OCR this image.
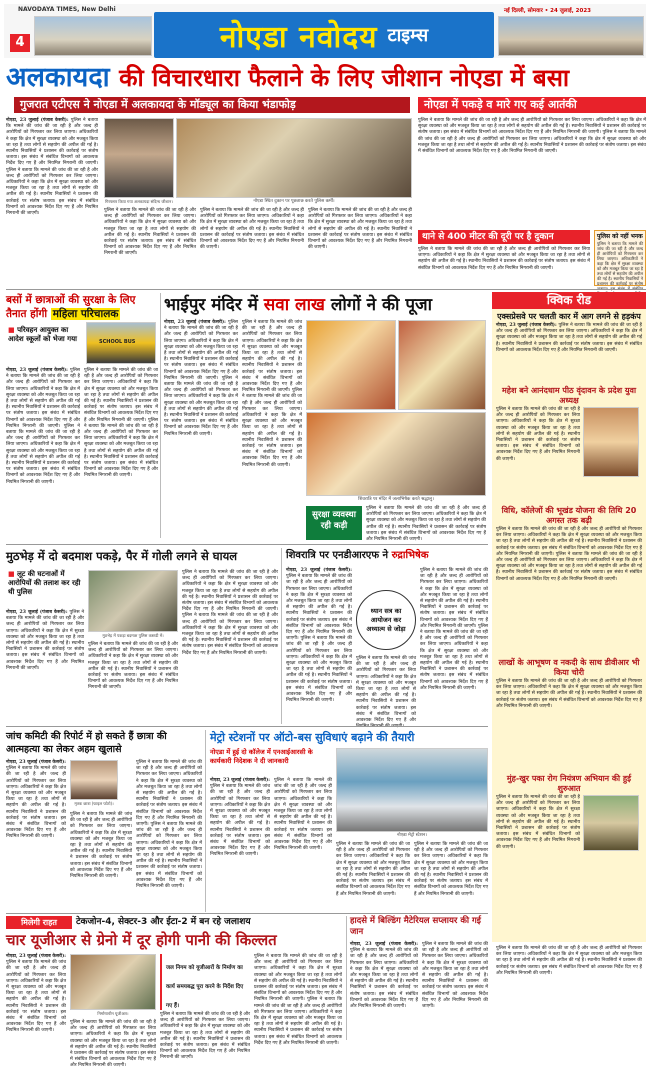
NAVODAYA TIMES, New Delhi
4	नोएडा नवोदय टाइम्स
नई दिल्ली, सोमवार • 24 जुलाई, 2023
अलकायदा की विचारधारा फैलाने के लिए जीशान नोएडा में बसा
गुजरात एटीएस ने नोएडा में अलकायदा के मॉड्यूल का किया भंडाफोड़	नोएडा में पकड़े व मारे गए कई आतंकी
नोएडा, 23 जुलाई (पंजाब केसरी): पुलिस ने बताया कि मामले की जांच की जा रही है और जल्द ही आरोपियों को गिरफ्तार कर लिया जाएगा। अधिकारियों ने कहा कि क्षेत्र में सुरक्षा व्यवस्था को और मजबूत किया जा रहा है तथा लोगों से सहयोग की अपील की गई है। स्थानीय निवासियों ने प्रशासन की कार्रवाई पर संतोष जताया। इस संबंध में संबंधित विभागों को आवश्यक निर्देश दिए गए हैं और नियमित निगरानी की जाएगी। पुलिस ने बताया कि मामले की जांच की जा रही है और जल्द ही आरोपियों को गिरफ्तार कर लिया जाएगा। अधिकारियों ने कहा कि क्षेत्र में सुरक्षा व्यवस्था को और मजबूत किया जा रहा है तथा लोगों से सहयोग की अपील की गई है। स्थानीय निवासियों ने प्रशासन की कार्रवाई पर संतोष जताया। इस संबंध में संबंधित विभागों को आवश्यक निर्देश दिए गए हैं और नियमित निगरानी की जाएगी।
गिरफ्तार किया गया अलकायदा संदिग्ध जीशान।	नोएडा स्थित दुकान पर पूछताछ करते पुलिस कर्मी।
पुलिस ने बताया कि मामले की जांच की जा रही है और जल्द ही आरोपियों को गिरफ्तार कर लिया जाएगा। अधिकारियों ने कहा कि क्षेत्र में सुरक्षा व्यवस्था को और मजबूत किया जा रहा है तथा लोगों से सहयोग की अपील की गई है। स्थानीय निवासियों ने प्रशासन की कार्रवाई पर संतोष जताया। इस संबंध में संबंधित विभागों को आवश्यक निर्देश दिए गए हैं और नियमित निगरानी की जाएगी।
पुलिस ने बताया कि मामले की जांच की जा रही है और जल्द ही आरोपियों को गिरफ्तार कर लिया जाएगा। अधिकारियों ने कहा कि क्षेत्र में सुरक्षा व्यवस्था को और मजबूत किया जा रहा है तथा लोगों से सहयोग की अपील की गई है। स्थानीय निवासियों ने प्रशासन की कार्रवाई पर संतोष जताया। इस संबंध में संबंधित विभागों को आवश्यक निर्देश दिए गए हैं और नियमित निगरानी की जाएगी।
पुलिस ने बताया कि मामले की जांच की जा रही है और जल्द ही आरोपियों को गिरफ्तार कर लिया जाएगा। अधिकारियों ने कहा कि क्षेत्र में सुरक्षा व्यवस्था को और मजबूत किया जा रहा है तथा लोगों से सहयोग की अपील की गई है। स्थानीय निवासियों ने प्रशासन की कार्रवाई पर संतोष जताया। इस संबंध में संबंधित विभागों को आवश्यक निर्देश दिए गए हैं और नियमित निगरानी की जाएगी।
पुलिस ने बताया कि मामले की जांच की जा रही है और जल्द ही आरोपियों को गिरफ्तार कर लिया जाएगा। अधिकारियों ने कहा कि क्षेत्र में सुरक्षा व्यवस्था को और मजबूत किया जा रहा है तथा लोगों से सहयोग की अपील की गई है। स्थानीय निवासियों ने प्रशासन की कार्रवाई पर संतोष जताया। इस संबंध में संबंधित विभागों को आवश्यक निर्देश दिए गए हैं और नियमित निगरानी की जाएगी। पुलिस ने बताया कि मामले की जांच की जा रही है और जल्द ही आरोपियों को गिरफ्तार कर लिया जाएगा। अधिकारियों ने कहा कि क्षेत्र में सुरक्षा व्यवस्था को और मजबूत किया जा रहा है तथा लोगों से सहयोग की अपील की गई है। स्थानीय निवासियों ने प्रशासन की कार्रवाई पर संतोष जताया। इस संबंध में संबंधित विभागों को आवश्यक निर्देश दिए गए हैं और नियमित निगरानी की जाएगी।
थाने से 400 मीटर की दूरी पर है दुकान
पुलिस ने बताया कि मामले की जांच की जा रही है और जल्द ही आरोपियों को गिरफ्तार कर लिया जाएगा। अधिकारियों ने कहा कि क्षेत्र में सुरक्षा व्यवस्था को और मजबूत किया जा रहा है तथा लोगों से सहयोग की अपील की गई है। स्थानीय निवासियों ने प्रशासन की कार्रवाई पर संतोष जताया। इस संबंध में संबंधित विभागों को आवश्यक निर्देश दिए गए हैं और नियमित निगरानी की जाएगी।
पुलिस को नहीं भनक
पुलिस ने बताया कि मामले की जांच की जा रही है और जल्द ही आरोपियों को गिरफ्तार कर लिया जाएगा। अधिकारियों ने कहा कि क्षेत्र में सुरक्षा व्यवस्था को और मजबूत किया जा रहा है तथा लोगों से सहयोग की अपील की गई है। स्थानीय निवासियों ने प्रशासन की कार्रवाई पर संतोष
बसों में छात्राओं की सुरक्षा के लिए
तैनात होंगी महिला परिचालक
■ परिवहन आयुक्त का आदेश स्कूलों को भेजा गया	SCHOOL BUS
नोएडा, 23 जुलाई (पंजाब केसरी): पुलिस ने बताया कि मामले की जांच की जा रही है और जल्द ही आरोपियों को गिरफ्तार कर लिया जाएगा। अधिकारियों ने कहा कि क्षेत्र में सुरक्षा व्यवस्था को और मजबूत किया जा रहा है तथा लोगों से सहयोग की अपील की गई है। स्थानीय निवासियों ने प्रशासन की कार्रवाई पर संतोष जताया। इस संबंध में संबंधित विभागों को आवश्यक निर्देश दिए गए हैं और नियमित निगरानी की जाएगी। पुलिस ने बताया कि मामले की जांच की जा रही है और जल्द ही आरोपियों को गिरफ्तार कर लिया जाएगा। अधिकारियों ने कहा कि क्षेत्र में सुरक्षा व्यवस्था को और मजबूत किया जा रहा है तथा लोगों से सहयोग की अपील की गई है। स्थानीय निवासियों ने प्रशासन की कार्रवाई पर संतोष जताया। इस संबंध में संबंधित विभागों को आवश्यक निर्देश दिए गए हैं और नियमित निगरानी की जाएगी।
पुलिस ने बताया कि मामले की जांच की जा रही है और जल्द ही आरोपियों को गिरफ्तार कर लिया जाएगा। अधिकारियों ने कहा कि क्षेत्र में सुरक्षा व्यवस्था को और मजबूत किया जा रहा है तथा लोगों से सहयोग की अपील की गई है। स्थानीय निवासियों ने प्रशासन की कार्रवाई पर संतोष जताया। इस संबंध में संबंधित विभागों को आवश्यक निर्देश दिए गए हैं और नियमित निगरानी की जाएगी। पुलिस ने बताया कि मामले की जांच की जा रही है और जल्द ही आरोपियों को गिरफ्तार कर लिया जाएगा। अधिकारियों ने कहा कि क्षेत्र में सुरक्षा व्यवस्था को और मजबूत किया जा रहा है तथा लोगों से सहयोग की अपील की गई है। स्थानीय निवासियों ने प्रशासन की कार्रवाई पर संतोष जताया। इस संबंध में संबंधित विभागों को आवश्यक निर्देश दिए गए हैं और नियमित निगरानी की जाएगी।
भाईपुर मंदिर में सवा लाख लोगों ने की पूजा
नोएडा, 23 जुलाई (पंजाब केसरी): पुलिस ने बताया कि मामले की जांच की जा रही है और जल्द ही आरोपियों को गिरफ्तार कर लिया जाएगा। अधिकारियों ने कहा कि क्षेत्र में सुरक्षा व्यवस्था को और मजबूत किया जा रहा है तथा लोगों से सहयोग की अपील की गई है। स्थानीय निवासियों ने प्रशासन की कार्रवाई पर संतोष जताया। इस संबंध में संबंधित विभागों को आवश्यक निर्देश दिए गए हैं और नियमित निगरानी की जाएगी। पुलिस ने बताया कि मामले की जांच की जा रही है और जल्द ही आरोपियों को गिरफ्तार कर लिया जाएगा। अधिकारियों ने कहा कि क्षेत्र में सुरक्षा व्यवस्था को और मजबूत किया जा रहा है तथा लोगों से सहयोग की अपील की गई है। स्थानीय निवासियों ने प्रशासन की कार्रवाई पर संतोष जताया। इस संबंध में संबंधित विभागों को आवश्यक निर्देश दिए गए हैं और नियमित निगरानी की जाएगी।
पुलिस ने बताया कि मामले की जांच की जा रही है और जल्द ही आरोपियों को गिरफ्तार कर लिया जाएगा। अधिकारियों ने कहा कि क्षेत्र में सुरक्षा व्यवस्था को और मजबूत किया जा रहा है तथा लोगों से सहयोग की अपील की गई है। स्थानीय निवासियों ने प्रशासन की कार्रवाई पर संतोष जताया। इस संबंध में संबंधित विभागों को आवश्यक निर्देश दिए गए हैं और नियमित निगरानी की जाएगी। पुलिस ने बताया कि मामले की जांच की जा रही है और जल्द ही आरोपियों को गिरफ्तार कर लिया जाएगा। अधिकारियों ने कहा कि क्षेत्र में सुरक्षा व्यवस्था को और मजबूत किया जा रहा है तथा लोगों से सहयोग की अपील की गई है। स्थानीय निवासियों ने प्रशासन की कार्रवाई पर संतोष जताया। इस संबंध में संबंधित विभागों को आवश्यक निर्देश दिए गए हैं और नियमित निगरानी की जाएगी।
शिवरात्रि पर मंदिर में जलाभिषेक करते श्रद्धालु।
सुरक्षा व्यवस्था रही कड़ी
पुलिस ने बताया कि मामले की जांच की जा रही है और जल्द ही आरोपियों को गिरफ्तार कर लिया जाएगा। अधिकारियों ने कहा कि क्षेत्र में सुरक्षा व्यवस्था को और मजबूत किया जा रहा है तथा लोगों से सहयोग की अपील की गई है। स्थानीय निवासियों ने प्रशासन की कार्रवाई पर संतोष जताया। इस संबंध में संबंधित विभागों को आवश्यक निर्देश दिए गए हैं और नियमित निगरानी की जाएगी।
क्विक रीड
एक्सप्रेसवे पर चलती कार में आग लगने से हड़कंप
नोएडा, 23 जुलाई (पंजाब केसरी): पुलिस ने बताया कि मामले की जांच की जा रही है और जल्द ही आरोपियों को गिरफ्तार कर लिया जाएगा। अधिकारियों ने कहा कि क्षेत्र में सुरक्षा व्यवस्था को और मजबूत किया जा रहा है तथा लोगों से सहयोग की अपील की गई है। स्थानीय निवासियों ने प्रशासन की कार्रवाई पर संतोष जताया। इस संबंध में संबंधित विभागों को आवश्यक निर्देश दिए गए हैं और नियमित निगरानी की जाएगी।
महेश बने आनंदधाम पीठ वृंदावन के प्रदेश युवा अध्यक्ष
पुलिस ने बताया कि मामले की जांच की जा रही है और जल्द ही आरोपियों को गिरफ्तार कर लिया जाएगा। अधिकारियों ने कहा कि क्षेत्र में सुरक्षा व्यवस्था को और मजबूत किया जा रहा है तथा लोगों से सहयोग की अपील की गई है। स्थानीय निवासियों ने प्रशासन की कार्रवाई पर संतोष जताया। इस संबंध में संबंधित विभागों को आवश्यक निर्देश दिए गए हैं और नियमित निगरानी की जाएगी।
विधि, कॉलेजों की भूखंड योजना की तिथि 20 अगस्त तक बढ़ी
पुलिस ने बताया कि मामले की जांच की जा रही है और जल्द ही आरोपियों को गिरफ्तार कर लिया जाएगा। अधिकारियों ने कहा कि क्षेत्र में सुरक्षा व्यवस्था को और मजबूत किया जा रहा है तथा लोगों से सहयोग की अपील की गई है। स्थानीय निवासियों ने प्रशासन की कार्रवाई पर संतोष जताया। इस संबंध में संबंधित विभागों को आवश्यक निर्देश दिए गए हैं और नियमित निगरानी की जाएगी। पुलिस ने बताया कि मामले की जांच की जा रही है और जल्द ही आरोपियों को गिरफ्तार कर लिया जाएगा। अधिकारियों ने कहा कि क्षेत्र में सुरक्षा व्यवस्था को और मजबूत किया जा रहा है तथा लोगों से सहयोग की अपील की गई है। स्थानीय निवासियों ने प्रशासन की कार्रवाई पर संतोष जताया। इस संबंध में संबंधित विभागों को आवश्यक निर्देश दिए गए हैं और नियमित निगरानी की जाएगी।
लाखों के आभूषण व नकदी के साथ डीवीआर भी किया चोरी
पुलिस ने बताया कि मामले की जांच की जा रही है और जल्द ही आरोपियों को गिरफ्तार कर लिया जाएगा। अधिकारियों ने कहा कि क्षेत्र में सुरक्षा व्यवस्था को और मजबूत किया जा रहा है तथा लोगों से सहयोग की अपील की गई है। स्थानीय निवासियों ने प्रशासन की कार्रवाई पर संतोष जताया। इस संबंध में संबंधित विभागों को आवश्यक निर्देश दिए गए हैं और नियमित निगरानी की जाएगी।
मुंह-खुर पका रोग नियंत्रण अभियान की हुई शुरुआत
पुलिस ने बताया कि मामले की जांच की जा रही है और जल्द ही आरोपियों को गिरफ्तार कर लिया जाएगा। अधिकारियों ने कहा कि क्षेत्र में सुरक्षा व्यवस्था को और मजबूत किया जा रहा है तथा लोगों से सहयोग की अपील की गई है। स्थानीय निवासियों ने प्रशासन की कार्रवाई पर संतोष जताया। इस संबंध में संबंधित विभागों को आवश्यक निर्देश दिए गए हैं और नियमित निगरानी की जाएगी।
मुठभेड़ में दो बदमाश पकड़े, पैर में गोली लगने से घायल
■ लूट की घटनाओं में आरोपियों की तलाश कर रही थी पुलिस
नोएडा, 23 जुलाई (पंजाब केसरी): पुलिस ने बताया कि मामले की जांच की जा रही है और जल्द ही आरोपियों को गिरफ्तार कर लिया जाएगा। अधिकारियों ने कहा कि क्षेत्र में सुरक्षा व्यवस्था को और मजबूत किया जा रहा है तथा लोगों से सहयोग की अपील की गई है। स्थानीय निवासियों ने प्रशासन की कार्रवाई पर संतोष जताया। इस संबंध में संबंधित विभागों को आवश्यक निर्देश दिए गए हैं और नियमित निगरानी की जाएगी।
मुठभेड़ में पकड़ा बदमाश पुलिस कस्टडी में।
पुलिस ने बताया कि मामले की जांच की जा रही है और जल्द ही आरोपियों को गिरफ्तार कर लिया जाएगा। अधिकारियों ने कहा कि क्षेत्र में सुरक्षा व्यवस्था को और मजबूत किया जा रहा है तथा लोगों से सहयोग की अपील की गई है। स्थानीय निवासियों ने प्रशासन की कार्रवाई पर संतोष जताया। इस संबंध में संबंधित विभागों को आवश्यक निर्देश दिए गए हैं और नियमित निगरानी की जाएगी।
पुलिस ने बताया कि मामले की जांच की जा रही है और जल्द ही आरोपियों को गिरफ्तार कर लिया जाएगा। अधिकारियों ने कहा कि क्षेत्र में सुरक्षा व्यवस्था को और मजबूत किया जा रहा है तथा लोगों से सहयोग की अपील की गई है। स्थानीय निवासियों ने प्रशासन की कार्रवाई पर संतोष जताया। इस संबंध में संबंधित विभागों को आवश्यक निर्देश दिए गए हैं और नियमित निगरानी की जाएगी। पुलिस ने बताया कि मामले की जांच की जा रही है और जल्द ही आरोपियों को गिरफ्तार कर लिया जाएगा। अधिकारियों ने कहा कि क्षेत्र में सुरक्षा व्यवस्था को और मजबूत किया जा रहा है तथा लोगों से सहयोग की अपील की गई है। स्थानीय निवासियों ने प्रशासन की कार्रवाई पर संतोष जताया। इस संबंध में संबंधित विभागों को आवश्यक निर्देश दिए गए हैं और नियमित निगरानी की जाएगी।
शिवरात्रि पर एनडीआरएफ ने रुद्राभिषेक
नोएडा, 23 जुलाई (पंजाब केसरी): पुलिस ने बताया कि मामले की जांच की जा रही है और जल्द ही आरोपियों को गिरफ्तार कर लिया जाएगा। अधिकारियों ने कहा कि क्षेत्र में सुरक्षा व्यवस्था को और मजबूत किया जा रहा है तथा लोगों से सहयोग की अपील की गई है। स्थानीय निवासियों ने प्रशासन की कार्रवाई पर संतोष जताया। इस संबंध में संबंधित विभागों को आवश्यक निर्देश दिए गए हैं और नियमित निगरानी की जाएगी। पुलिस ने बताया कि मामले की जांच की जा रही है और जल्द ही आरोपियों को गिरफ्तार कर लिया जाएगा। अधिकारियों ने कहा कि क्षेत्र में सुरक्षा व्यवस्था को और मजबूत किया जा रहा है तथा लोगों से सहयोग की अपील की गई है। स्थानीय निवासियों ने प्रशासन की कार्रवाई पर संतोष जताया। इस संबंध में संबंधित विभागों को आवश्यक निर्देश दिए गए हैं और नियमित निगरानी की जाएगी।
ध्यान सत्र का आयोजन कर अध्यात्म से जोड़ा
पुलिस ने बताया कि मामले की जांच की जा रही है और जल्द ही आरोपियों को गिरफ्तार कर लिया जाएगा। अधिकारियों ने कहा कि क्षेत्र में सुरक्षा व्यवस्था को और मजबूत किया जा रहा है तथा लोगों से सहयोग की अपील की गई है। स्थानीय निवासियों ने प्रशासन की कार्रवाई पर संतोष जताया। इस संबंध में संबंधित विभागों को आवश्यक निर्देश दिए गए हैं और नियमित निगरानी की जाएगी। पुलिस ने बताया कि मामले की जांच की जा रही है और जल्द ही आरोपियों को गिरफ्तार कर लिया जाएगा। अधिकारियों ने कहा कि क्षेत्र में सुरक्षा व्यवस्था को और मजबूत किया जा रहा है तथा लोगों से सहयोग की अपील की गई है। स्थानीय निवासियों ने प्रशासन की कार्रवाई पर संतोष जताया। इस संबंध में संबंधित विभागों को आवश्यक निर्देश दिए गए हैं और नियमित निगरानी की जाएगी।
पुलिस ने बताया कि मामले की जांच की जा रही है और जल्द ही आरोपियों को गिरफ्तार कर लिया जाएगा। अधिकारियों ने कहा कि क्षेत्र में सुरक्षा व्यवस्था को और मजबूत किया जा रहा है तथा लोगों से सहयोग की अपील की गई है। स्थानीय निवासियों ने प्रशासन की कार्रवाई पर संतोष जताया। इस संबंध में संबंधित विभागों को आवश्यक निर्देश दिए गए हैं और
जांच कमिटी की रिपोर्ट में हो सकते हैं छात्रा की आत्महत्या का लेकर अहम खुलासे
नोएडा, 23 जुलाई (पंजाब केसरी): पुलिस ने बताया कि मामले की जांच की जा रही है और जल्द ही आरोपियों को गिरफ्तार कर लिया जाएगा। अधिकारियों ने कहा कि क्षेत्र में सुरक्षा व्यवस्था को और मजबूत किया जा रहा है तथा लोगों से सहयोग की अपील की गई है। स्थानीय निवासियों ने प्रशासन की कार्रवाई पर संतोष जताया। इस संबंध में संबंधित विभागों को आवश्यक निर्देश दिए गए हैं और नियमित निगरानी की जाएगी।
मृतक छात्रा (फाइल फोटो)।
पुलिस ने बताया कि मामले की जांच की जा रही है और जल्द ही आरोपियों को गिरफ्तार कर लिया जाएगा। अधिकारियों ने कहा कि क्षेत्र में सुरक्षा व्यवस्था को और मजबूत किया जा रहा है तथा लोगों से सहयोग की अपील की गई है। स्थानीय निवासियों ने प्रशासन की कार्रवाई पर संतोष जताया। इस संबंध में संबंधित विभागों को आवश्यक निर्देश दिए गए हैं और नियमित निगरानी की जाएगी।
पुलिस ने बताया कि मामले की जांच की जा रही है और जल्द ही आरोपियों को गिरफ्तार कर लिया जाएगा। अधिकारियों ने कहा कि क्षेत्र में सुरक्षा व्यवस्था को और मजबूत किया जा रहा है तथा लोगों से सहयोग की अपील की गई है। स्थानीय निवासियों ने प्रशासन की कार्रवाई पर संतोष जताया। इस संबंध में संबंधित विभागों को आवश्यक निर्देश दिए गए हैं और नियमित निगरानी की जाएगी। पुलिस ने बताया कि मामले की जांच की जा रही है और जल्द ही आरोपियों को गिरफ्तार कर लिया जाएगा। अधिकारियों ने कहा कि क्षेत्र में सुरक्षा व्यवस्था को और मजबूत किया जा रहा है तथा लोगों से सहयोग की अपील की गई है। स्थानीय निवासियों ने प्रशासन की कार्रवाई पर संतोष जताया। इस संबंध में संबंधित विभागों को आवश्यक निर्देश दिए गए हैं और नियमित निगरानी की जाएगी।
मेट्रो स्टेशनों पर ऑटो-बस सुविधाएं बढ़ाने की तैयारी
नोएडा में हुई दो कॉलेज में एनआईआरसी के कार्यकारी निदेशक ने दी जानकारी
नोएडा, 23 जुलाई (पंजाब केसरी): पुलिस ने बताया कि मामले की जांच की जा रही है और जल्द ही आरोपियों को गिरफ्तार कर लिया जाएगा। अधिकारियों ने कहा कि क्षेत्र में सुरक्षा व्यवस्था को और मजबूत किया जा रहा है तथा लोगों से सहयोग की अपील की गई है। स्थानीय निवासियों ने प्रशासन की कार्रवाई पर संतोष जताया। इस संबंध में संबंधित विभागों को आवश्यक निर्देश दिए गए हैं और नियमित निगरानी की जाएगी।
पुलिस ने बताया कि मामले की जांच की जा रही है और जल्द ही आरोपियों को गिरफ्तार कर लिया जाएगा। अधिकारियों ने कहा कि क्षेत्र में सुरक्षा व्यवस्था को और मजबूत किया जा रहा है तथा लोगों से सहयोग की अपील की गई है। स्थानीय निवासियों ने प्रशासन की कार्रवाई पर संतोष जताया। इस संबंध में संबंधित विभागों को आवश्यक निर्देश दिए गए हैं और नियमित निगरानी की जाएगी।
नोएडा मेट्रो स्टेशन।
पुलिस ने बताया कि मामले की जांच की जा रही है और जल्द ही आरोपियों को गिरफ्तार कर लिया जाएगा। अधिकारियों ने कहा कि क्षेत्र में सुरक्षा व्यवस्था को और मजबूत किया जा रहा है तथा लोगों से सहयोग की अपील की गई है। स्थानीय निवासियों ने प्रशासन की कार्रवाई पर संतोष जताया। इस संबंध में संबंधित विभागों को आवश्यक निर्देश दिए गए हैं और नियमित निगरानी की जाएगी।
पुलिस ने बताया कि मामले की जांच की जा रही है और जल्द ही आरोपियों को गिरफ्तार कर लिया जाएगा। अधिकारियों ने कहा कि क्षेत्र में सुरक्षा व्यवस्था को और मजबूत किया जा रहा है तथा लोगों से सहयोग की अपील की गई है। स्थानीय निवासियों ने प्रशासन की कार्रवाई पर संतोष जताया। इस संबंध में संबंधित विभागों को आवश्यक निर्देश दिए गए हैं और नियमित निगरानी की जाएगी।
मिलेगी राहत	टेकजोन-4, सेक्टर-3 और ईटा-2 में बन रहे जलाशय
चार यूजीआर से ग्रेनो में दूर होगी पानी की किल्लत
नोएडा, 23 जुलाई (पंजाब केसरी): पुलिस ने बताया कि मामले की जांच की जा रही है और जल्द ही आरोपियों को गिरफ्तार कर लिया जाएगा। अधिकारियों ने कहा कि क्षेत्र में सुरक्षा व्यवस्था को और मजबूत किया जा रहा है तथा लोगों से सहयोग की अपील की गई है। स्थानीय निवासियों ने प्रशासन की कार्रवाई पर संतोष जताया। इस संबंध में संबंधित विभागों को आवश्यक निर्देश दिए गए हैं और नियमित निगरानी की जाएगी।
निर्माणाधीन यूजीआर।
पुलिस ने बताया कि मामले की जांच की जा रही है और जल्द ही आरोपियों को गिरफ्तार कर लिया जाएगा। अधिकारियों ने कहा कि क्षेत्र में सुरक्षा व्यवस्था को और मजबूत किया जा रहा है तथा लोगों से सहयोग की अपील की गई है। स्थानीय निवासियों ने प्रशासन की कार्रवाई पर संतोष जताया। इस संबंध में संबंधित विभागों को आवश्यक निर्देश दिए गए हैं और नियमित निगरानी की जाएगी।
जल निगम को यूजीआरों के निर्माण का कार्य समयबद्ध पूरा करने के निर्देश दिए गए हैं।
पुलिस ने बताया कि मामले की जांच की जा रही है और जल्द ही आरोपियों को गिरफ्तार कर लिया जाएगा। अधिकारियों ने कहा कि क्षेत्र में सुरक्षा व्यवस्था को और मजबूत किया जा रहा है तथा लोगों से सहयोग की अपील की गई है। स्थानीय निवासियों ने प्रशासन की कार्रवाई पर संतोष जताया। इस संबंध में संबंधित विभागों को आवश्यक निर्देश दिए गए हैं और नियमित निगरानी की जाएगी।
पुलिस ने बताया कि मामले की जांच की जा रही है और जल्द ही आरोपियों को गिरफ्तार कर लिया जाएगा। अधिकारियों ने कहा कि क्षेत्र में सुरक्षा व्यवस्था को और मजबूत किया जा रहा है तथा लोगों से सहयोग की अपील की गई है। स्थानीय निवासियों ने प्रशासन की कार्रवाई पर संतोष जताया। इस संबंध में संबंधित विभागों को आवश्यक निर्देश दिए गए हैं और नियमित निगरानी की जाएगी। पुलिस ने बताया कि मामले की जांच की जा रही है और जल्द ही आरोपियों को गिरफ्तार कर लिया जाएगा। अधिकारियों ने कहा कि क्षेत्र में सुरक्षा व्यवस्था को और मजबूत किया जा रहा है तथा लोगों से सहयोग की अपील की गई है। स्थानीय निवासियों ने प्रशासन की कार्रवाई पर संतोष जताया। इस संबंध में संबंधित विभागों को आवश्यक निर्देश दिए गए हैं और नियमित निगरानी की जाएगी।
हादसे में बिल्डिंग मैटेरियल सप्लायर की गई जान
नोएडा, 23 जुलाई (पंजाब केसरी): पुलिस ने बताया कि मामले की जांच की जा रही है और जल्द ही आरोपियों को गिरफ्तार कर लिया जाएगा। अधिकारियों ने कहा कि क्षेत्र में सुरक्षा व्यवस्था को और मजबूत किया जा रहा है तथा लोगों से सहयोग की अपील की गई है। स्थानीय निवासियों ने प्रशासन की कार्रवाई पर संतोष जताया। इस संबंध में संबंधित विभागों को आवश्यक निर्देश दिए गए हैं और नियमित निगरानी की जाएगी।
पुलिस ने बताया कि मामले की जांच की जा रही है और जल्द ही आरोपियों को गिरफ्तार कर लिया जाएगा। अधिकारियों ने कहा कि क्षेत्र में सुरक्षा व्यवस्था को और मजबूत किया जा रहा है तथा लोगों से सहयोग की अपील की गई है। स्थानीय निवासियों ने प्रशासन की कार्रवाई पर संतोष जताया। इस संबंध में संबंधित विभागों को आवश्यक निर्देश दिए गए हैं और नियमित निगरानी की जाएगी।
पुलिस ने बताया कि मामले की जांच की जा रही है और जल्द ही आरोपियों को गिरफ्तार कर लिया जाएगा। अधिकारियों ने कहा कि क्षेत्र में सुरक्षा व्यवस्था को और मजबूत किया जा रहा है तथा लोगों से सहयोग की अपील की गई है। स्थानीय निवासियों ने प्रशासन की कार्रवाई पर संतोष जताया। इस संबंध में संबंधित विभागों को आवश्यक निर्देश दिए गए हैं और नियमित निगरानी की जाएगी।
